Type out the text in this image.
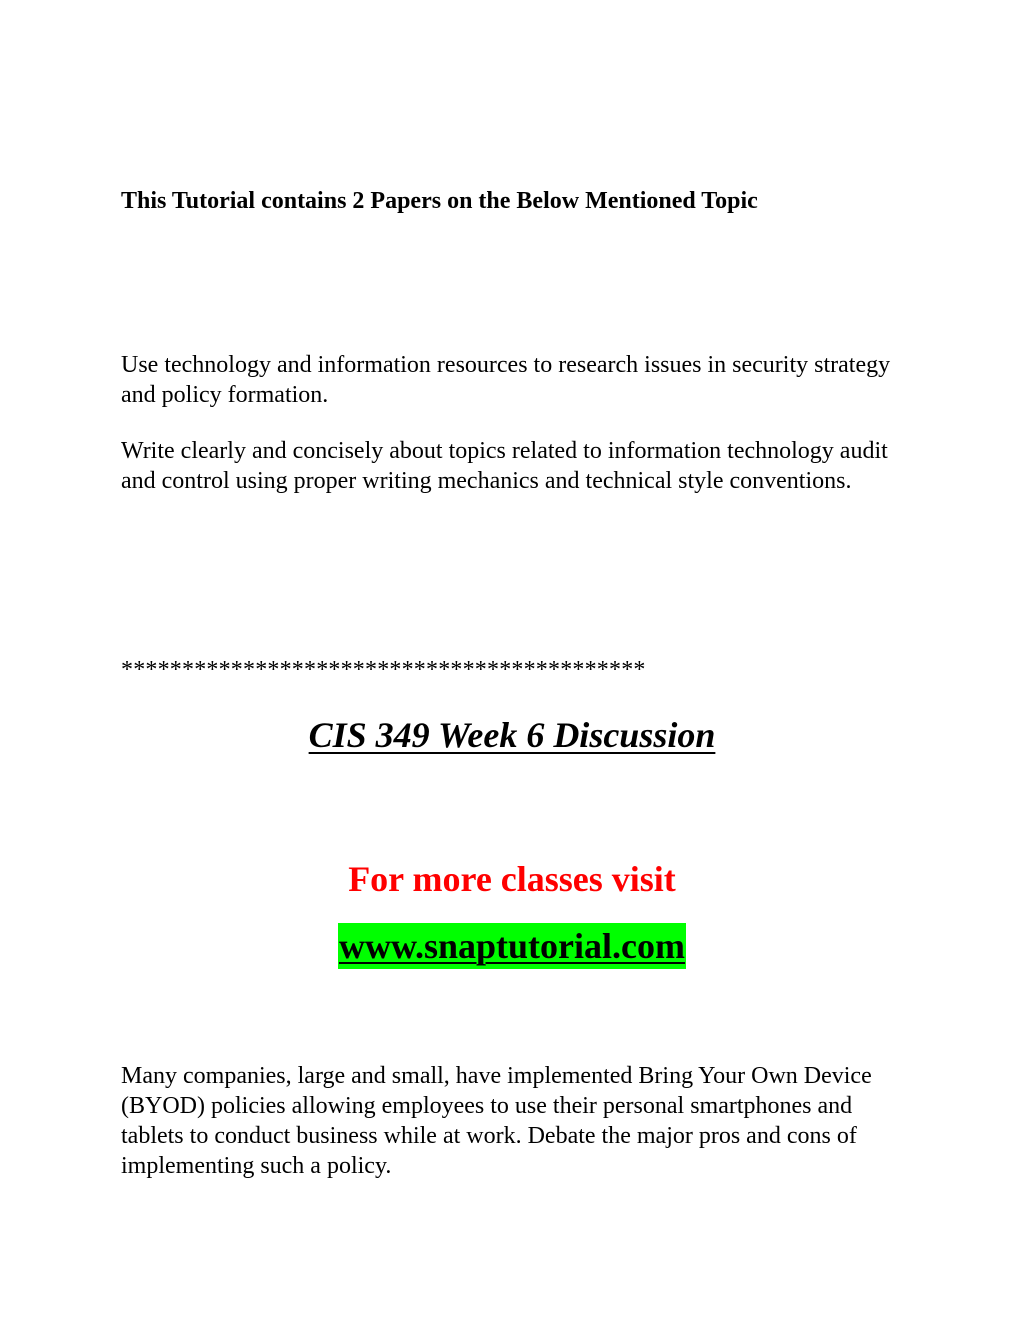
This Tutorial contains 2 Papers on the Below Mentioned Topic

Use technology and information resources to research issues in security strategy and policy formation.

Write clearly and concisely about topics related to information technology audit and control using proper writing mechanics and technical style conventions.

*******************************************

CIS 349 Week 6 Discussion
For more classes visit
www.snaptutorial.com

Many companies, large and small, have implemented Bring Your Own Device (BYOD) policies allowing employees to use their personal smartphones and tablets to conduct business while at work. Debate the major pros and cons of implementing such a policy.
